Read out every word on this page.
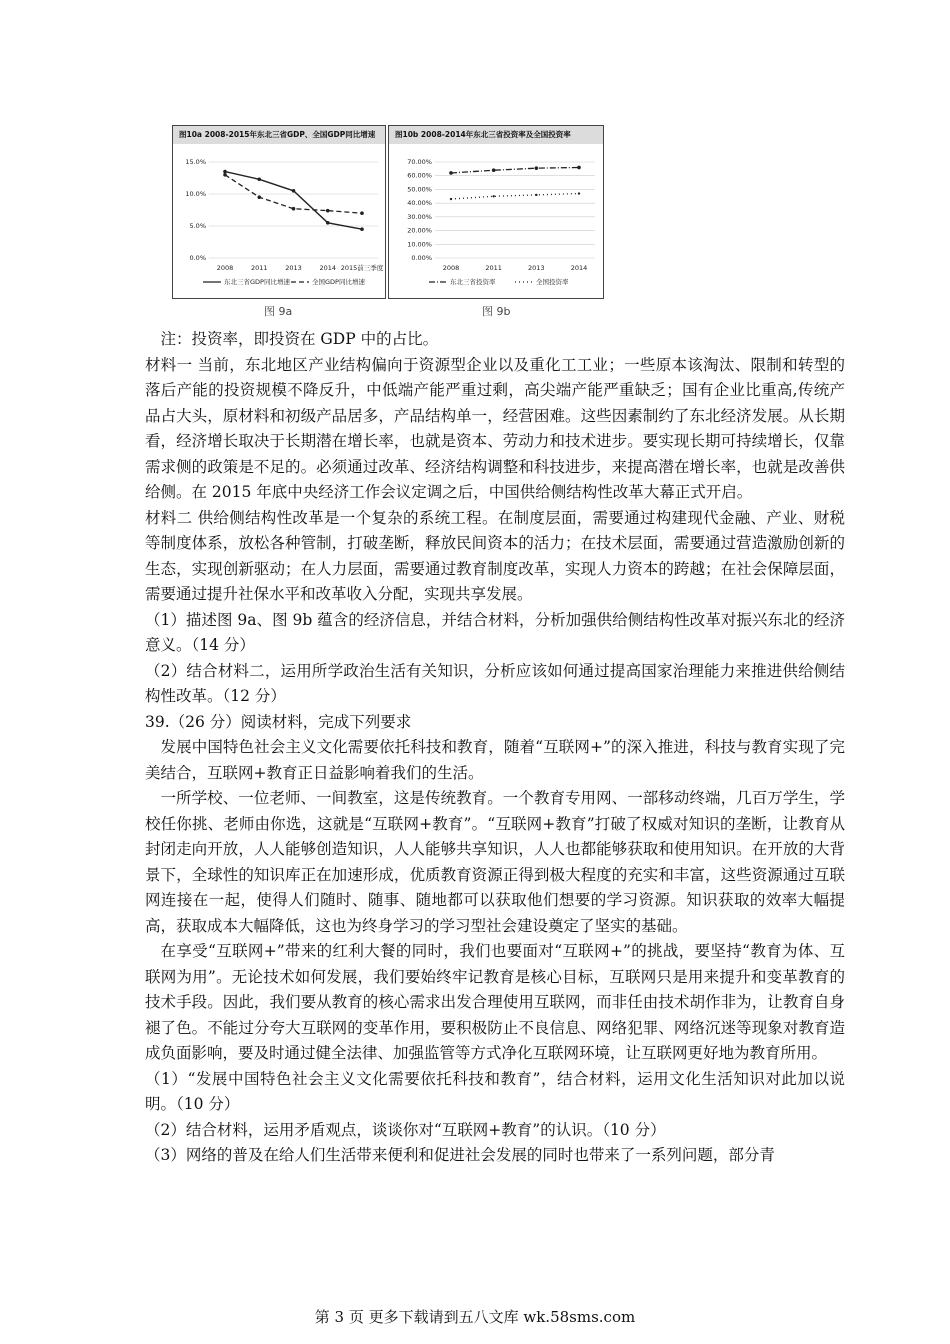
图10a 2008-2015年东北三省GDP、全国GDP同比增速
15.0%
10.0%
5.0%
0.0%
2008	2011	2013	2014 2015前三季度
东北三省GDP同比增速	全国GDP同比增速
图10b 2008-2014年东北三省投资率及全国投资率
70.00%
60.00%
50.00%
40.00%
30.00%
20.00%
10.00%
0.00%
2008	2011	2013	2014
东北三省投资率	全国投资率
图 9a	图 9b

注：投资率，即投资在 GDP 中的占比。

材料一 当前，东北地区产业结构偏向于资源型企业以及重化工工业；一些原本该淘汰、限制和转型的落后产能的投资规模不降反升，中低端产能严重过剩，高尖端产能严重缺乏；国有企业比重高,传统产品占大头，原材料和初级产品居多，产品结构单一，经营困难。这些因素制约了东北经济发展。从长期看，经济增长取决于长期潜在增长率，也就是资本、劳动力和技术进步。要实现长期可持续增长，仅靠需求侧的政策是不足的。必须通过改革、经济结构调整和科技进步，来提高潜在增长率，也就是改善供给侧。在 2015 年底中央经济工作会议定调之后，中国供给侧结构性改革大幕正式开启。

材料二 供给侧结构性改革是一个复杂的系统工程。在制度层面，需要通过构建现代金融、产业、财税等制度体系，放松各种管制，打破垄断，释放民间资本的活力；在技术层面，需要通过营造激励创新的生态，实现创新驱动；在人力层面，需要通过教育制度改革，实现人力资本的跨越；在社会保障层面，需要通过提升社保水平和改革收入分配，实现共享发展。

（1）描述图 9a、图 9b 蕴含的经济信息，并结合材料，分析加强供给侧结构性改革对振兴东北的经济意义。（14 分）

（2）结合材料二，运用所学政治生活有关知识，分析应该如何通过提高国家治理能力来推进供给侧结构性改革。（12 分）

39.（26 分）阅读材料，完成下列要求

发展中国特色社会主义文化需要依托科技和教育，随着“互联网+”的深入推进，科技与教育实现了完美结合，互联网+教育正日益影响着我们的生活。

一所学校、一位老师、一间教室，这是传统教育。一个教育专用网、一部移动终端，几百万学生，学校任你挑、老师由你选，这就是“互联网+教育”。“互联网+教育”打破了权威对知识的垄断，让教育从封闭走向开放，人人能够创造知识，人人能够共享知识，人人也都能够获取和使用知识。在开放的大背景下，全球性的知识库正在加速形成，优质教育资源正得到极大程度的充实和丰富，这些资源通过互联网连接在一起，使得人们随时、随事、随地都可以获取他们想要的学习资源。知识获取的效率大幅提高，获取成本大幅降低，这也为终身学习的学习型社会建设奠定了坚实的基础。

在享受“互联网+”带来的红利大餐的同时，我们也要面对“互联网+”的挑战，要坚持“教育为体、互联网为用”。无论技术如何发展，我们要始终牢记教育是核心目标，互联网只是用来提升和变革教育的技术手段。因此，我们要从教育的核心需求出发合理使用互联网，而非任由技术胡作非为，让教育自身褪了色。不能过分夸大互联网的变革作用，要积极防止不良信息、网络犯罪、网络沉迷等现象对教育造成负面影响，要及时通过健全法律、加强监管等方式净化互联网环境，让互联网更好地为教育所用。

（1）“发展中国特色社会主义文化需要依托科技和教育”，结合材料，运用文化生活知识对此加以说明。（10 分）

（2）结合材料，运用矛盾观点，谈谈你对“互联网+教育”的认识。（10 分）

（3）网络的普及在给人们生活带来便利和促进社会发展的同时也带来了一系列问题，部分青

第 3 页 更多下载请到五八文库 wk.58sms.com
